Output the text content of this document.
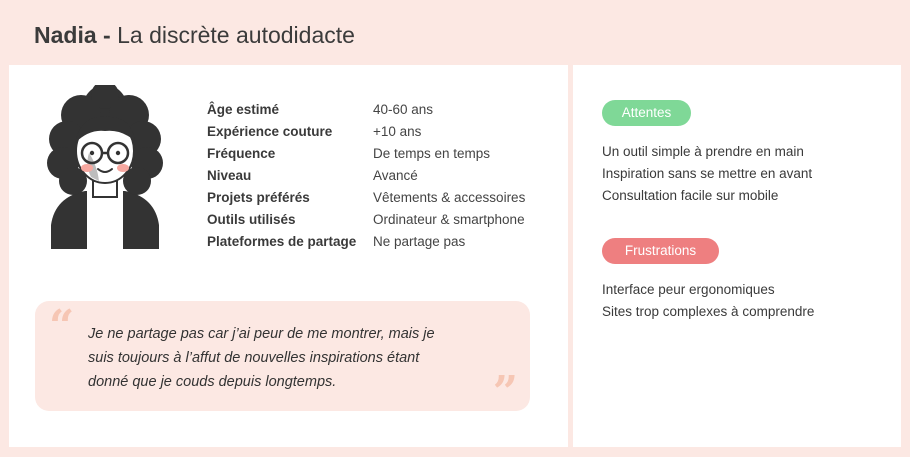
Nadia - La discrète autodidacte
Âge estimé	40-60 ans
Expérience couture	+10 ans
Fréquence	De temps en temps
Niveau	Avancé
Projets préférés	Vêtements & accessoires
Outils utilisés	Ordinateur & smartphone
Plateformes de partage	Ne partage pas
“ Je ne partage pas car j’ai peur de me montrer, mais je
suis toujours à l’affut de nouvelles inspirations étant
donné que je couds depuis longtemps.	”
Attentes
Un outil simple à prendre en main
Inspiration sans se mettre en avant
Consultation facile sur mobile
Frustrations
Interface peur ergonomiques
Sites trop complexes à comprendre
